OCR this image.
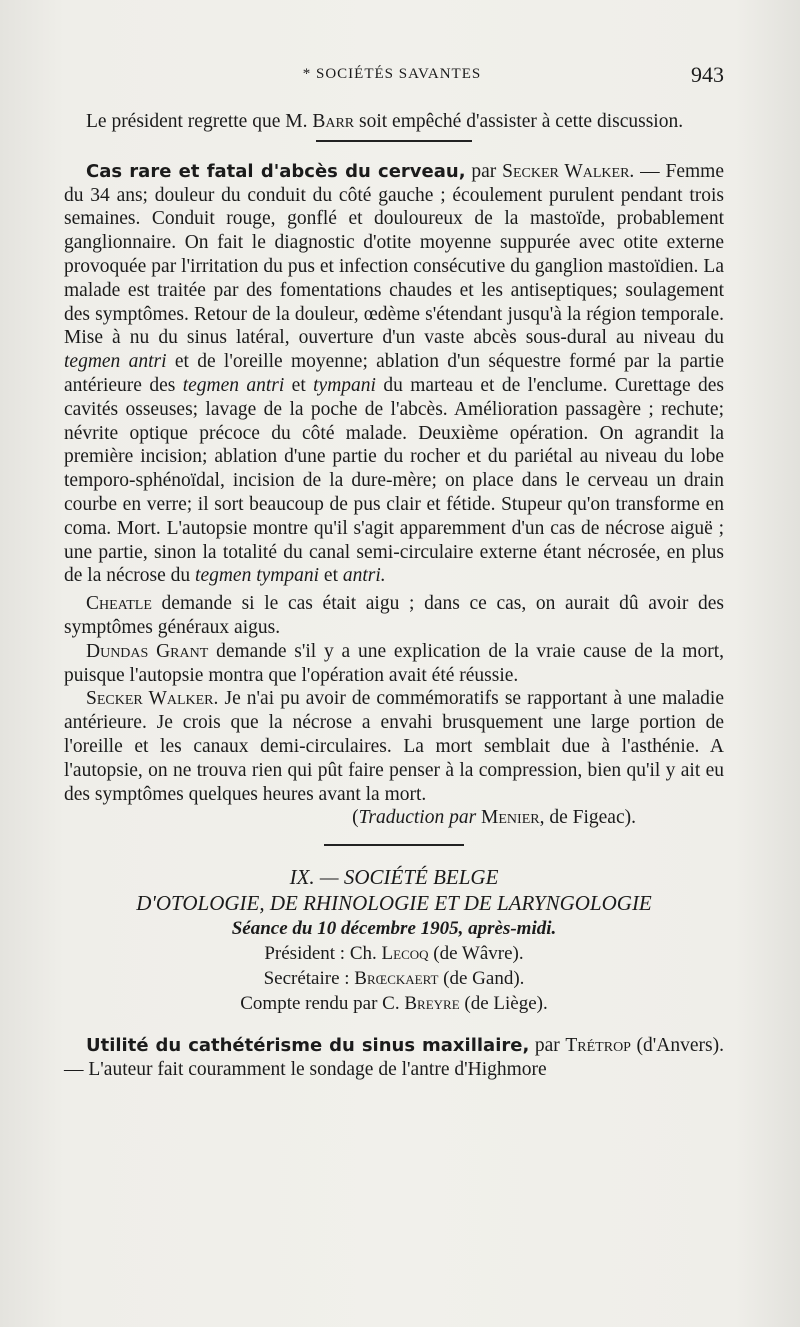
* SOCIÉTÉS SAVANTES	943

Le président regrette que M. Barr soit empêché d'assister à cette discussion.

Cas rare et fatal d'abcès du cerveau, par Secker Walker. — Femme du 34 ans; douleur du conduit du côté gauche ; écoulement purulent pendant trois semaines. Conduit rouge, gonflé et douloureux de la mastoïde, probablement ganglionnaire. On fait le diagnostic d'otite moyenne suppurée avec otite externe provoquée par l'irritation du pus et infection consécutive du ganglion mastoïdien. La malade est traitée par des fomentations chaudes et les antiseptiques; soulagement des symptômes. Retour de la douleur, œdème s'étendant jusqu'à la région temporale. Mise à nu du sinus latéral, ouverture d'un vaste abcès sous-dural au niveau du tegmen antri et de l'oreille moyenne; ablation d'un séquestre formé par la partie antérieure des tegmen antri et tympani du marteau et de l'enclume. Curettage des cavités osseuses; lavage de la poche de l'abcès. Amélioration passagère ; rechute; névrite optique précoce du côté malade. Deuxième opération. On agrandit la première incision; ablation d'une partie du rocher et du pariétal au niveau du lobe temporo-sphénoïdal, incision de la dure-mère; on place dans le cerveau un drain courbe en verre; il sort beaucoup de pus clair et fétide. Stupeur qu'on transforme en coma. Mort. L'autopsie montre qu'il s'agit apparemment d'un cas de nécrose aiguë ; une partie, sinon la totalité du canal semi-circulaire externe étant nécrosée, en plus de la nécrose du tegmen tympani et antri.

Cheatle demande si le cas était aigu ; dans ce cas, on aurait dû avoir des symptômes généraux aigus.

Dundas Grant demande s'il y a une explication de la vraie cause de la mort, puisque l'autopsie montra que l'opération avait été réussie.

Secker Walker. Je n'ai pu avoir de commémoratifs se rapportant à une maladie antérieure. Je crois que la nécrose a envahi brusquement une large portion de l'oreille et les canaux demi-circulaires. La mort semblait due à l'asthénie. A l'autopsie, on ne trouva rien qui pût faire penser à la compression, bien qu'il y ait eu des symptômes quelques heures avant la mort.

(Traduction par Menier, de Figeac).

IX. — SOCIÉTÉ BELGE
D'OTOLOGIE, DE RHINOLOGIE ET DE LARYNGOLOGIE
Séance du 10 décembre 1905, après-midi.
Président : Ch. Lecoq (de Wâvre).
Secrétaire : Brœckaert (de Gand).
Compte rendu par C. Breyre (de Liège).

Utilité du cathétérisme du sinus maxillaire, par Trétrop (d'Anvers). — L'auteur fait couramment le sondage de l'antre d'Highmore
